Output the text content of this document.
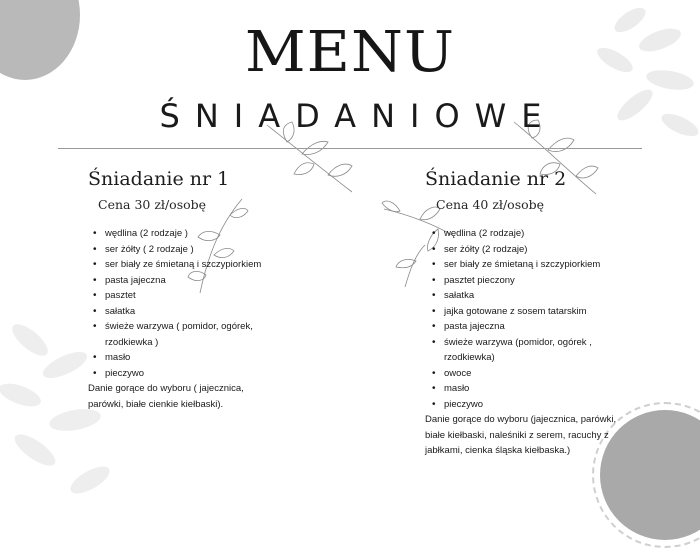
MENU
ŚNIADANIOWE
Śniadanie nr 1
Cena 30 zł/osobę
• wędlina (2 rodzaje )
• ser żółty ( 2 rodzaje )
• ser biały ze śmietaną i szczypiorkiem
• pasta jajeczna
• pasztet
• sałatka
• świeże warzywa ( pomidor, ogórek, rzodkiewka )
• masło
• pieczywo
Danie gorące do wyboru ( jajecznica, parówki, białe cienkie kiełbaski).
Śniadanie nr 2
Cena 40 zł/osobę
• wędlina (2 rodzaje)
• ser żółty (2 rodzaje)
• ser biały ze śmietaną i szczypiorkiem
• pasztet pieczony
• sałatka
• jajka gotowane z sosem tatarskim
• pasta jajeczna
• świeże warzywa (pomidor, ogórek , rzodkiewka)
• owoce
• masło
• pieczywo
Danie gorące do wyboru (jajecznica, parówki, białe kiełbaski, naleśniki z serem, racuchy z jabłkami, cienka śląska kiełbaska.)
